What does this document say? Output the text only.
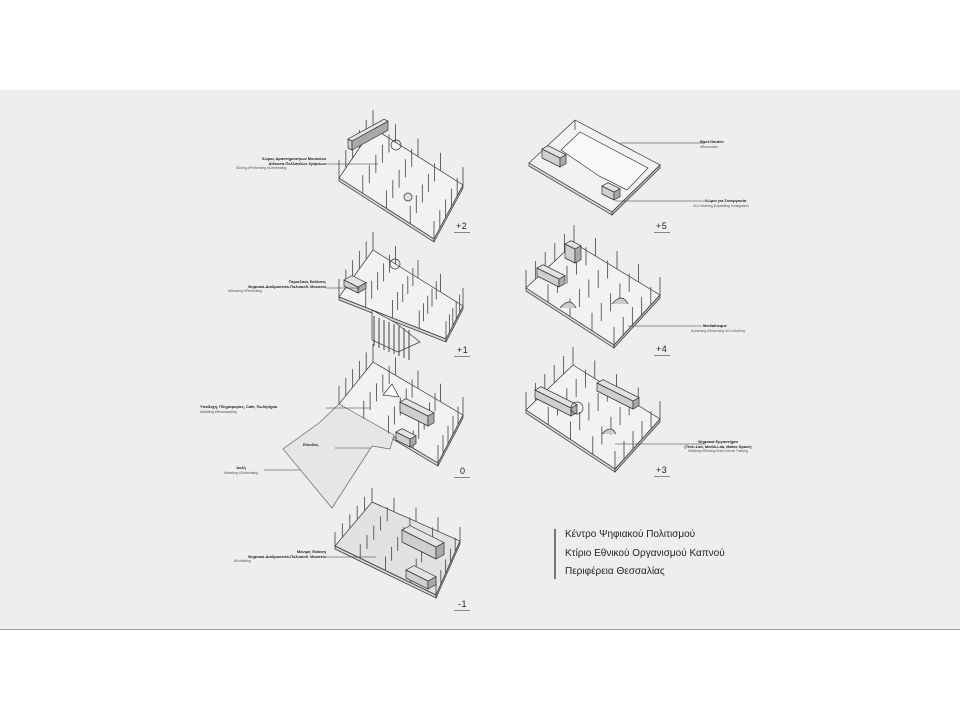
Χώρος Δραστηριοτήτων Μουσείου
Αίθουσα Πολλαπλών Χρήσεων
#Doing #Performing #Celebrating
Περιοδικές Εκθέσεις
Ψηφιακό-Διαδραστικό-Πολυαισθ. Μουσείο
#Showing #Presenting
Υποδοχή, Πληροφορίες, Cafe, Πωλητήριο
#Meeting #Broadcasting
Είσοδος
Αυλή
#Meeting #Celebrating
Μόνιμη Έκθεση
Ψηφιακό-Διαδραστικό-Πολυαισθ. Μουσείο
#Exhibiting
Roof-Garden
#Recreation
Χώροι για Συνεργασία
#Co-Working #Upskilling #Integration
Mediatheque
#Learning #Searching #Co-Working
Ψηφιακά Εργαστήρια
(Tech-Lab, Media-Lab, Maker-Space)
#Making #Sharing #Non-formal Training
+2
+1
0
-1
+5
+4
+3
Κέντρο Ψηφιακού Πολιτισμού
Κτίριο Εθνικού Οργανισμού Καπνού
Περιφέρεια Θεσσαλίας
